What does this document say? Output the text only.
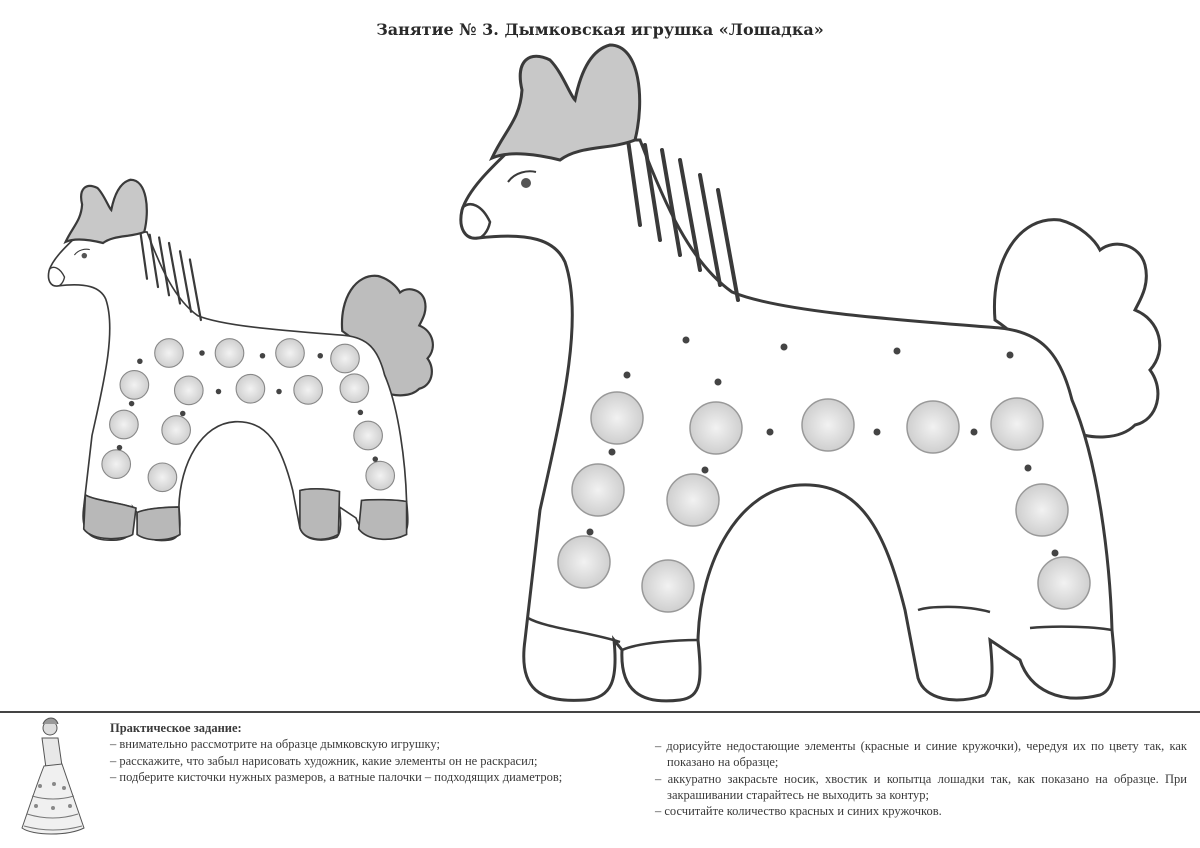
Занятие № 3. Дымковская игрушка «Лошадка»
Практическое задание:
– внимательно рассмотрите на образце дымковскую игрушку;
– расскажите, что забыл нарисовать художник, какие элементы он не раскрасил;
– подберите кисточки нужных размеров, а ватные палочки – подходящих диаметров;
– дорисуйте недостающие элементы (красные и синие кружочки), чередуя их по цвету так, как показано на образце;
– аккуратно закрасьте носик, хвостик и копытца лошадки так, как показано на образце. При закрашивании старайтесь не выходить за контур;
– сосчитайте количество красных и синих кружочков.
